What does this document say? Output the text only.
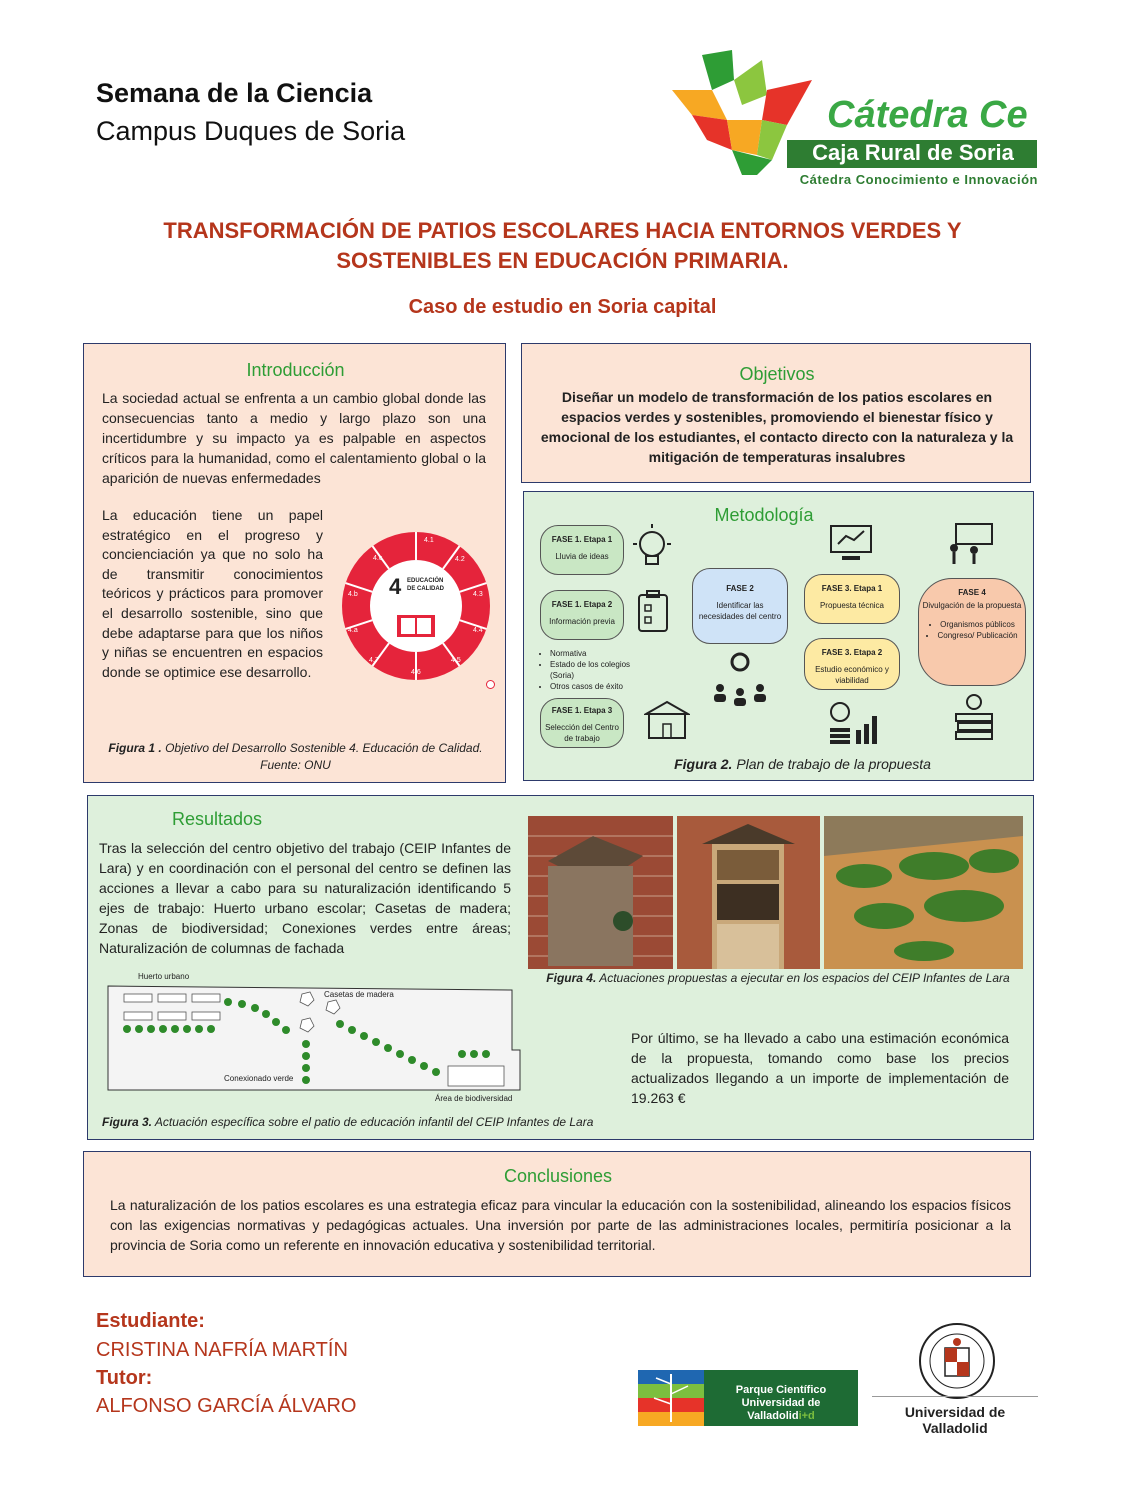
Semana de la Ciencia
Campus Duques de Soria	Cátedra Ce
Caja Rural de Soria
Cátedra Conocimiento e Innovación
TRANSFORMACIÓN DE PATIOS ESCOLARES HACIA ENTORNOS VERDES Y
SOSTENIBLES EN EDUCACIÓN PRIMARIA.
Caso de estudio en Soria capital
Introducción
La sociedad actual se enfrenta a un cambio global donde las consecuencias tanto a medio y largo plazo son una incertidumbre y su impacto ya es palpable en aspectos críticos para la humanidad, como el calentamiento global o la aparición de nuevas enfermedades
La educación tiene un papel estratégico en el progreso y concienciación ya que no solo ha de transmitir conocimientos teóricos y prácticos para promover el desarrollo sostenible, sino que debe adaptarse para que los niños y niñas se encuentren en espacios donde se optimice ese desarrollo.
4 EDUCACIÓN
DE CALIDAD
4.1
4.2
4.3
4.4
4.5
4.6
4.7
4.a
4.b
4.c
Figura 1 . Objetivo del Desarrollo Sostenible 4. Educación de Calidad.
Fuente: ONU
Objetivos
Diseñar un modelo de transformación de los patios escolares en espacios verdes y sostenibles, promoviendo el bienestar físico y emocional de los estudiantes, el contacto directo con la naturaleza y la mitigación de temperaturas insalubres
Metodología
FASE 1. Etapa 1
Lluvia de ideas
FASE 1. Etapa 2
Información previa
• Normativa
• Estado de los colegios (Soria)
• Otros casos de éxito
FASE 1. Etapa 3
Selección del Centro de trabajo
FASE 2
Identificar las necesidades del centro
FASE 3. Etapa 1
Propuesta técnica
FASE 3. Etapa 2
Estudio económico y viabilidad
FASE 4
Divulgación de la propuesta
• Organismos públicos
• Congreso/ Publicación
Figura 2. Plan de trabajo de la propuesta
Resultados
Tras la selección del centro objetivo del trabajo (CEIP Infantes de Lara) y en coordinación con el personal del centro se definen las acciones a llevar a cabo para su naturalización identificando 5 ejes de trabajo: Huerto urbano escolar; Casetas de madera; Zonas de biodiversidad; Conexiones verdes entre áreas; Naturalización de columnas de fachada
Figura 4. Actuaciones propuestas a ejecutar en los espacios del CEIP Infantes de Lara
Huerto urbano
Casetas de madera
Conexionado verde
Área de biodiversidad
Por último, se ha llevado a cabo una estimación económica de la propuesta, tomando como base los precios actualizados llegando a un importe de implementación de 19.263 €
Figura 3. Actuación específica sobre el patio de educación infantil del CEIP Infantes de Lara
Conclusiones
La naturalización de los patios escolares es una estrategia eficaz para vincular la educación con la sostenibilidad, alineando los espacios físicos con las exigencias normativas y pedagógicas actuales. Una inversión por parte de las administraciones locales, permitiría posicionar a la provincia de Soria como un referente en innovación educativa y sostenibilidad territorial.
Estudiante:
CRISTINA NAFRÍA MARTÍN
Tutor:
ALFONSO GARCÍA ÁLVARO
Parque Científico
Universidad de Valladolidi+d	Universidad de Valladolid
